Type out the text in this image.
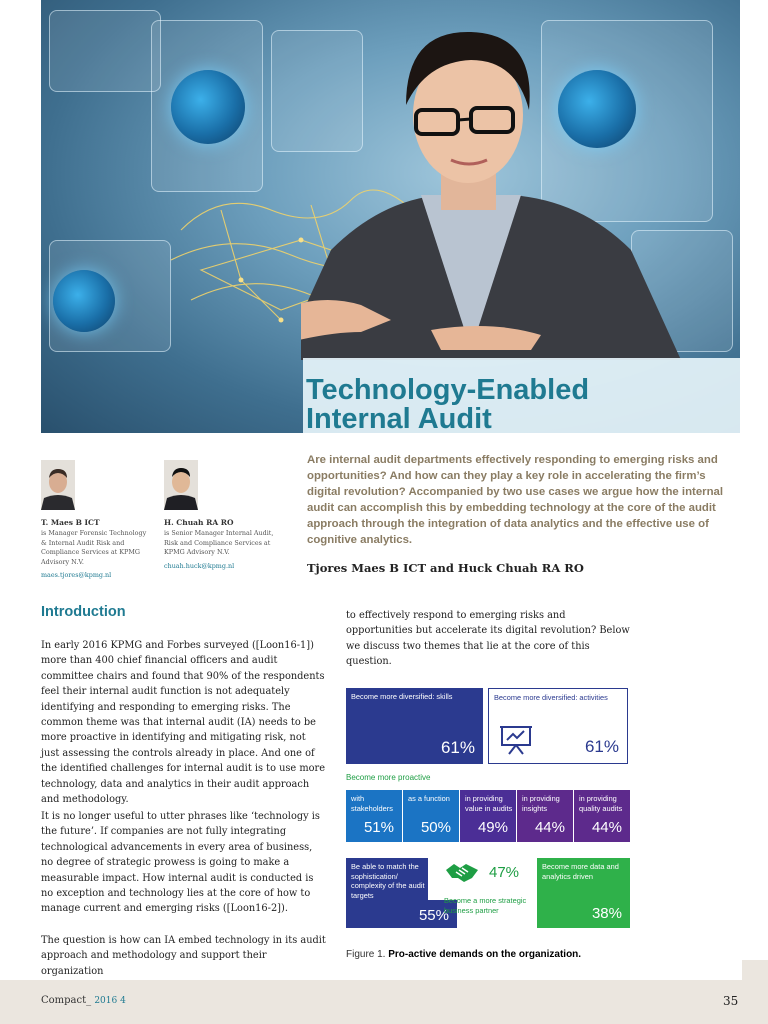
Technology-Enabled
Internal Audit
T. Maes B ICT
is Manager Forensic Technology & Internal Audit Risk and Compliance Services at KPMG Advisory N.V.
maes.tjores@kpmg.nl
H. Chuah RA RO
is Senior Manager Internal Audit, Risk and Compliance Services at KPMG Advisory N.V.
chuah.huck@kpmg.nl
Are internal audit departments effectively responding to emerging risks and opportunities? And how can they play a key role in accelerating the firm’s digital revolution? Accompanied by two use cases we argue how the internal audit can accomplish this by embedding technology at the core of the audit approach through the integration of data analytics and the effective use of cognitive analytics.
Tjores Maes B ICT and Huck Chuah RA RO
Introduction
In early 2016 KPMG and Forbes surveyed ([Loon16-1]) more than 400 chief financial officers and audit committee chairs and found that 90% of the respondents feel their internal audit function is not adequately identifying and responding to emerging risks. The common theme was that internal audit (IA) needs to be more proactive in identifying and mitigating risk, not just assessing the controls already in place. And one of the identified challenges for internal audit is to use more technology, data and analytics in their audit approach and methodology.
It is no longer useful to utter phrases like ‘technology is the future’. If companies are not fully integrating technological advancements in every area of business, no degree of strategic prowess is going to make a measurable impact. How internal audit is conducted is no exception and technology lies at the core of how to manage current and emerging risks ([Loon16-2]).
The question is how can IA embed technology in its audit approach and methodology and support their organization
to effectively respond to emerging risks and opportunities but accelerate its digital revolution? Below we discuss two themes that lie at the core of this question.
Become more diversified: skills
61%
Become more diversified: activities
61%
Become more proactive
with stakeholders
51%
as a function
50%
in providing value in audits
49%
in providing insights
44%
in providing quality audits
44%
Be able to match the sophistication/ complexity of the audit targets
55%
47%
Become a more strategic business partner
Become more data and analytics driven
38%
Figure 1. Pro-active demands on the organization.
Compact_ 2016 4	35
